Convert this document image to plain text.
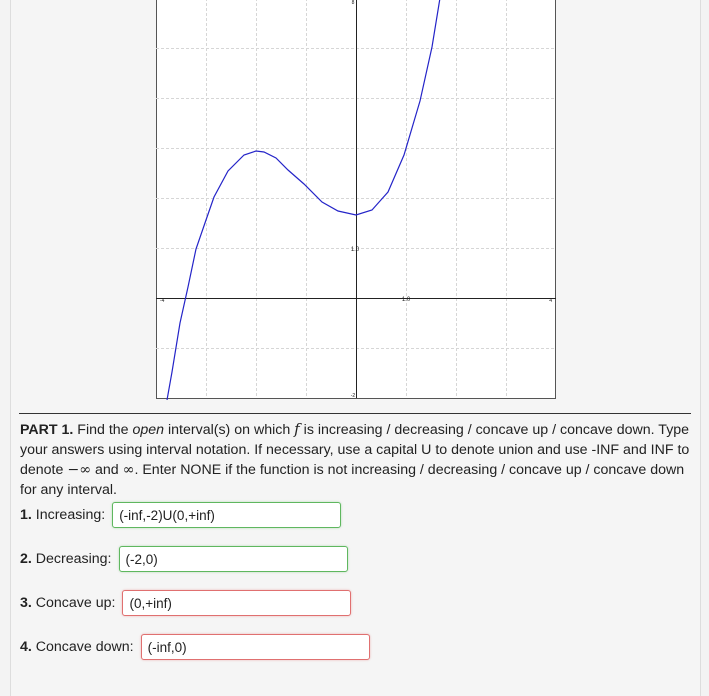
8
1.0
1.0
-4	4
-2
PART 1. Find the open interval(s) on which f is increasing / decreasing / concave up / concave down. Type your answers using interval notation. If necessary, use a capital U to denote union and use -INF and INF to denote −∞ and ∞. Enter NONE if the function is not increasing / decreasing / concave up / concave down for any interval.
1. Increasing:
(-inf,-2)U(0,+inf)
2. Decreasing:
(-2,0)
3. Concave up:
(0,+inf)
4. Concave down:
(-inf,0)
